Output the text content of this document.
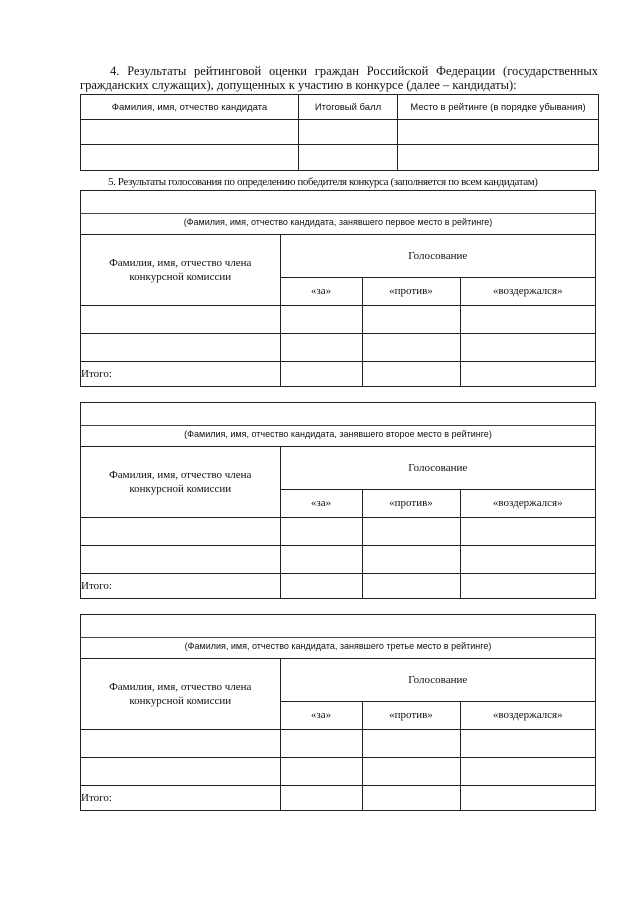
4. Результаты рейтинговой оценки граждан Российской Федерации (государственных
гражданских служащих), допущенных к участию в конкурсе (далее – кандидаты):
Фамилия, имя, отчество кандидата	Итоговый балл	Место в рейтинге (в порядке убывания)

5. Результаты голосования по определению победителя конкурса (заполняется по всем кандидатам)
(Фамилия, имя, отчество кандидата, занявшего первое место в рейтинге)
Фамилия, имя, отчество члена
конкурсной комиссии	Голосование		
	«за»	«против»	«воздержался»

Итого:			
(Фамилия, имя, отчество кандидата, занявшего второе место в рейтинге)
Фамилия, имя, отчество члена
конкурсной комиссии	Голосование		
	«за»	«против»	«воздержался»

Итого:			
(Фамилия, имя, отчество кандидата, занявшего третье место в рейтинге)
Фамилия, имя, отчество члена
конкурсной комиссии	Голосование		
	«за»	«против»	«воздержался»

Итого:			
